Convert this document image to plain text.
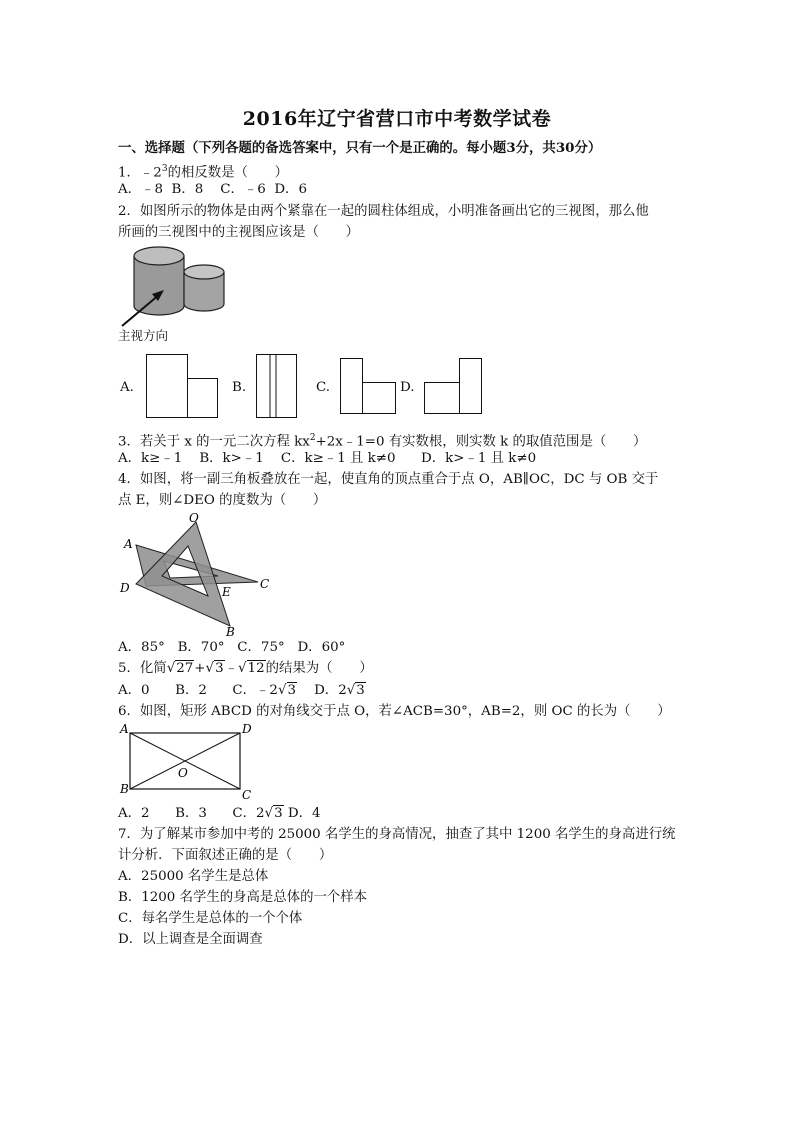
2016年辽宁省营口市中考数学试卷
一、选择题（下列各题的备选答案中，只有一个是正确的。每小题3分，共30分）
1．$﹣2^3$的相反数是（　　）
A．﹣8  B．8    C．﹣6  D．6
2．如图所示的物体是由两个紧靠在一起的圆柱体组成，小明准备画出它的三视图，那么他
所画的三视图中的主视图应该是（　　）
主视方向
A.	B.	C.	D.
3．若关于 x 的一元二次方程 $kx^2+2x﹣1=0$ 有实数根，则实数 k 的取值范围是（　　）
A．k≥﹣1    B．k>﹣1    C．k≥﹣1 且 k≠0      D．k>﹣1 且 k≠0
4．如图，将一副三角板叠放在一起，使直角的顶点重合于点 O，AB∥OC，DC 与 OB 交于
点 E，则∠DEO 的度数为（　　）
O
A
D	C
E
B
A．85°   B．70°   C．75°   D．60°
5．化简√27+√3﹣√12的结果为（　　）
A．0      B．2      C．﹣2√3    D．2√3
6．如图，矩形 ABCD 的对角线交于点 O，若∠ACB=30°，AB=2，则 OC 的长为（　　）
A	D
B	C
O
A．2      B．3      C．2√3 D．4
7．为了解某市参加中考的 25000 名学生的身高情况，抽查了其中 1200 名学生的身高进行统
计分析．下面叙述正确的是（　　）
A．25000 名学生是总体
B．1200 名学生的身高是总体的一个样本
C．每名学生是总体的一个个体
D．以上调查是全面调查
